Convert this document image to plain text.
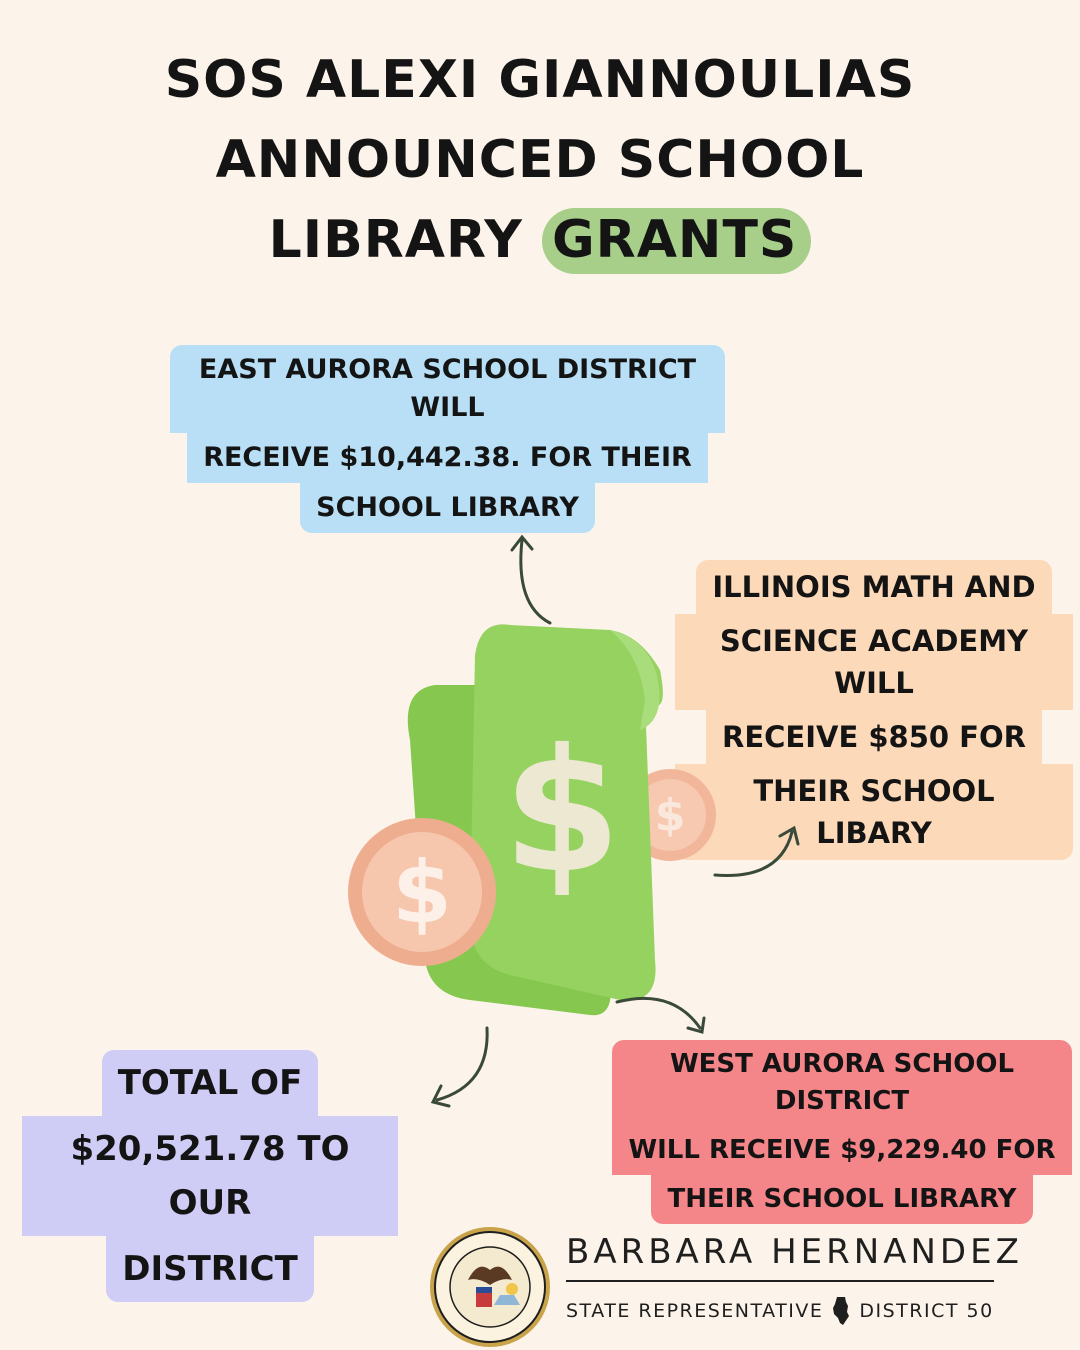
SOS ALEXI GIANNOULIAS
ANNOUNCED SCHOOL
LIBRARY GRANTS
EAST AURORA SCHOOL DISTRICT WILL
RECEIVE $10,442.38. FOR THEIR
SCHOOL LIBRARY
ILLINOIS MATH AND
SCIENCE ACADEMY WILL
RECEIVE $850 FOR
THEIR SCHOOL LIBARY
WEST AURORA SCHOOL DISTRICT
WILL RECEIVE $9,229.40 FOR
THEIR SCHOOL LIBRARY
TOTAL OF
$20,521.78 TO OUR
DISTRICT
$
$
$
BARBARA HERNANDEZ
STATE REPRESENTATIVE DISTRICT 50
